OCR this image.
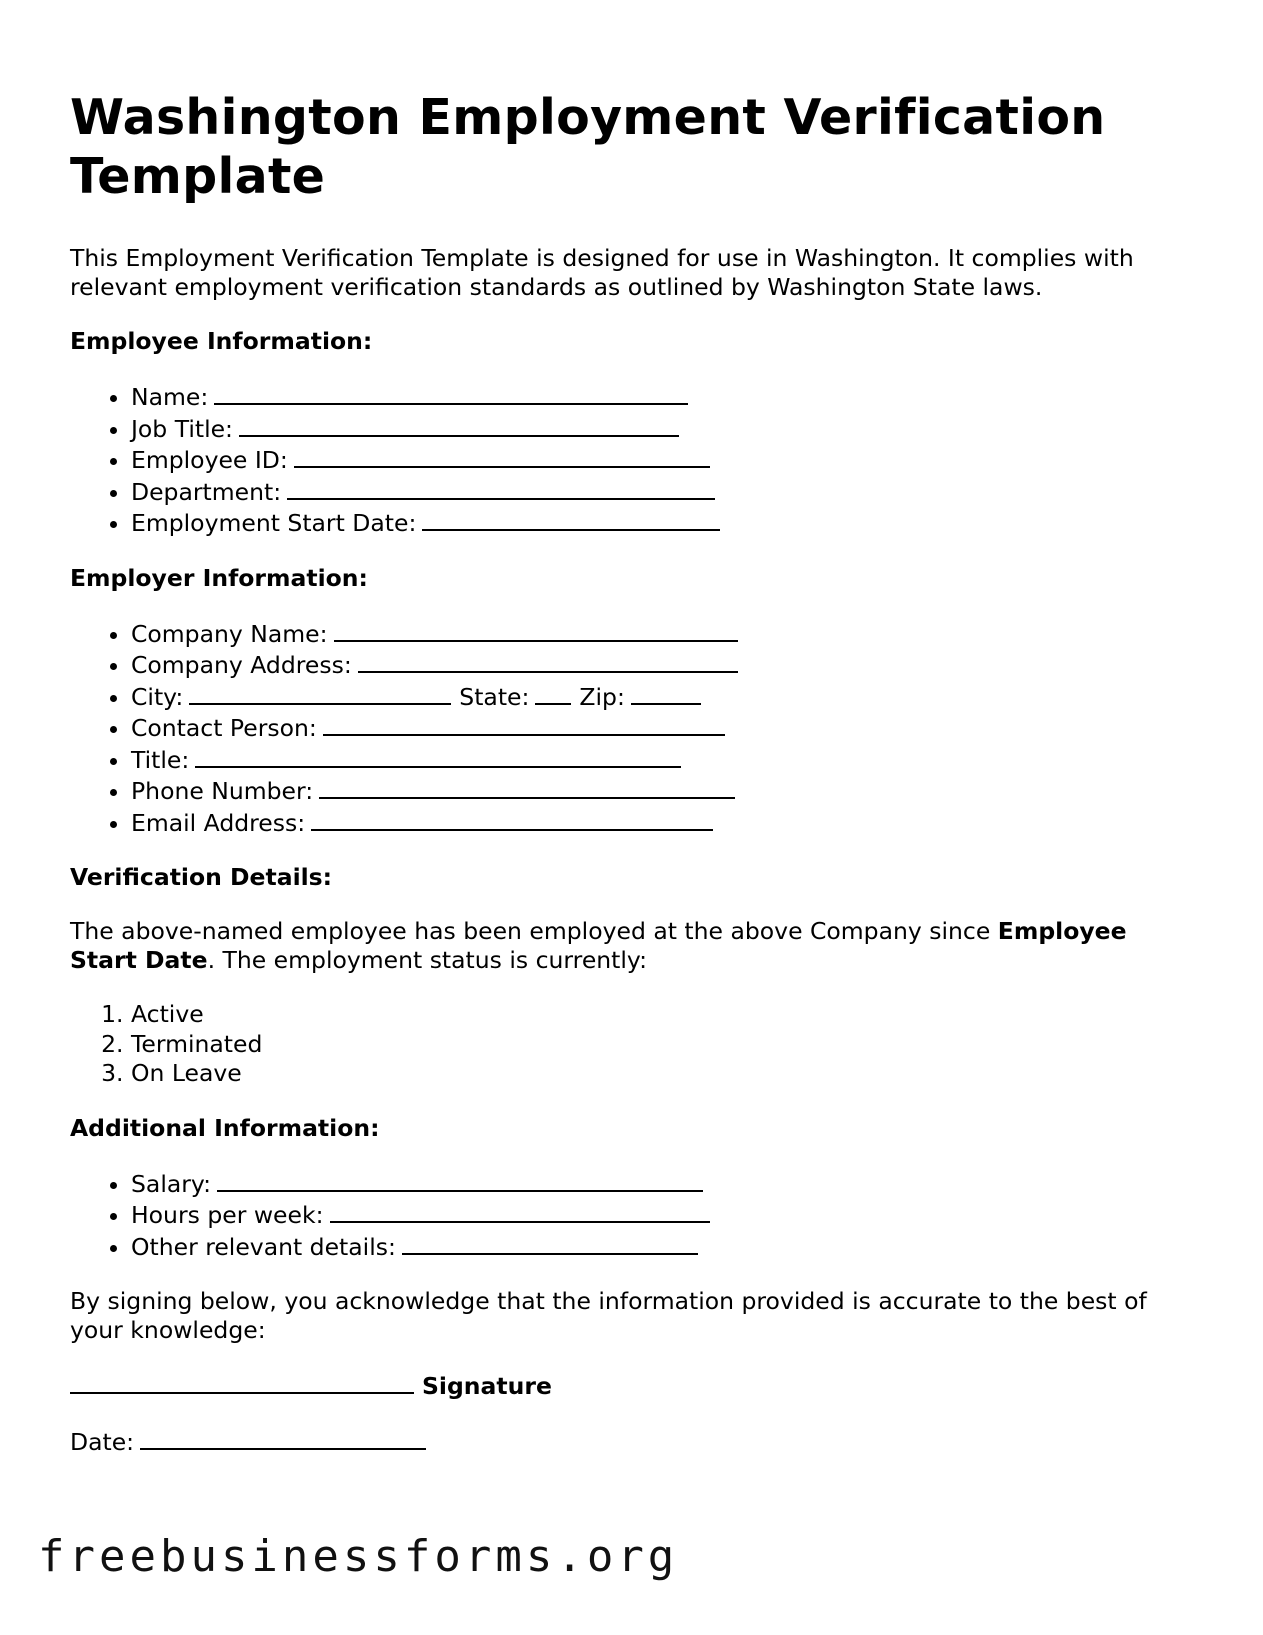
Washington Employment Verification Template

This Employment Verification Template is designed for use in Washington. It complies with relevant employment verification standards as outlined by Washington State laws.

Employee Information:

• Name:
• Job Title:
• Employee ID:
• Department:
• Employment Start Date:

Employer Information:

• Company Name:
• Company Address:
• City:	State: Zip:
• Contact Person:
• Title:
• Phone Number:
• Email Address:

Verification Details:

The above-named employee has been employed at the above Company since Employee Start Date. The employment status is currently:

1. Active
2. Terminated
3. On Leave

Additional Information:

• Salary:
• Hours per week:
• Other relevant details:

By signing below, you acknowledge that the information provided is accurate to the best of your knowledge:

Signature

Date:

freebusinessforms.org
